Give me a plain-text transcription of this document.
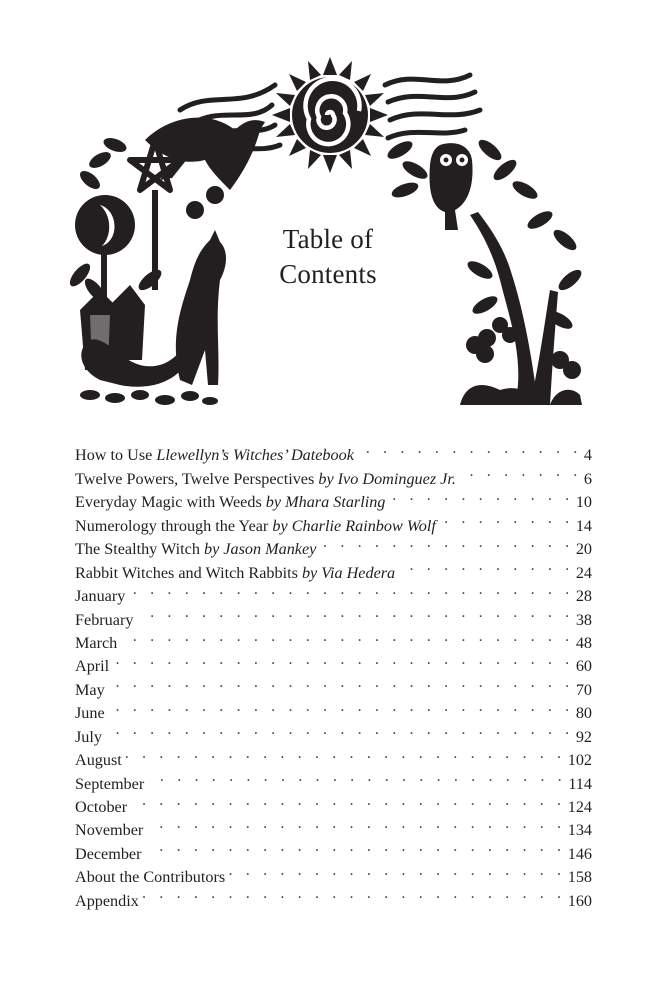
Table of
Contents
How to Use Llewellyn’s Witches’ Datebook . . .	4
Twelve Powers, Twelve Perspectives by Ivo Dominguez Jr. . . .	6
Everyday Magic with Weeds by Mhara Starling . . .	10
Numerology through the Year by Charlie Rainbow Wolf . . .	14
The Stealthy Witch by Jason Mankey . . .	20
Rabbit Witches and Witch Rabbits by Via Hedera . . .	24
January . . .	28
February . . .	38
March . . .	48
April . . .	60
May . . .	70
June . . .	80
July . . .	92
August . . .	102
September . . .	114
October . . .	124
November . . .	134
December . . .	146
About the Contributors . . .	158
Appendix . . .	160
